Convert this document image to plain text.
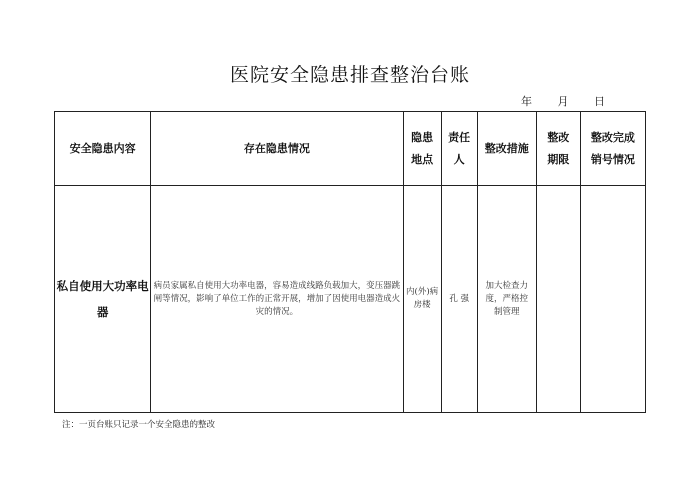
医院安全隐患排查整治台账
年 月 日
安全隐患内容	存在隐患情况	隐患地点	责任人	整改措施	整改期限	整改完成销号情况
私自使用大功率电器	病员家属私自使用大功率电器，容易造成线路负载加大，变压器跳闸等情况，影响了单位工作的正常开展，增加了因使用电器造成火灾的情况。	内(外)病房楼	孔 强	加大检查力度，严格控制管理		
注：一页台账只记录一个安全隐患的整改
